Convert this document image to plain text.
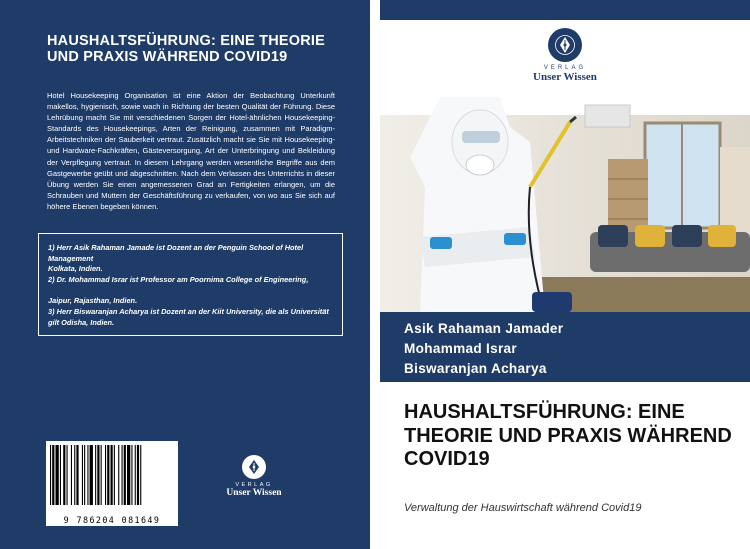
HAUSHALTSFÜHRUNG: EINE THEORIE UND PRAXIS WÄHREND COVID19
Hotel Housekeeping Organisation ist eine Aktion der Beobachtung Unterkunft makellos, hygienisch, sowie wach in Richtung der besten Qualität der Führung. Diese Lehrübung macht Sie mit verschiedenen Sorgen der Hotel-ähnlichen Housekeeping-Standards des Housekeepings, Arten der Reinigung, zusammen mit Paradigm-Arbeitstechniken der Sauberkeit vertraut. Zusätzlich macht sie Sie mit Housekeeping- und Hardware-Fachkräften, Gästeversorgung, Art der Unterbringung und Bekleidung der Verpflegung vertraut. In diesem Lehrgang werden wesentliche Begriffe aus dem Gastgewerbe geübt und abgeschnitten. Nach dem Verlassen des Unterrichts in dieser Übung werden Sie einen angemessenen Grad an Fertigkeiten erlangen, um die Schrauben und Muttern der Geschäftsführung zu verkaufen, von wo aus Sie sich auf höhere Ebenen begeben können.
1) Herr Asik Rahaman Jamade ist Dozent an der Penguin School of Hotel Management
Kolkata, Indien.
2) Dr. Mohammad Israr ist Professor am Poornima College of Engineering,
Jaipur, Rajasthan, Indien.
3) Herr Biswaranjan Acharya ist Dozent an der Kiit University, die als Universität gilt Odisha, Indien.
9 786204 081649
VERLAG
Unser Wissen
VERLAG
Unser Wissen
Asik Rahaman Jamader
Mohammad Israr
Biswaranjan Acharya
HAUSHALTSFÜHRUNG: EINE THEORIE UND PRAXIS WÄHREND COVID19
Verwaltung der Hauswirtschaft während Covid19
